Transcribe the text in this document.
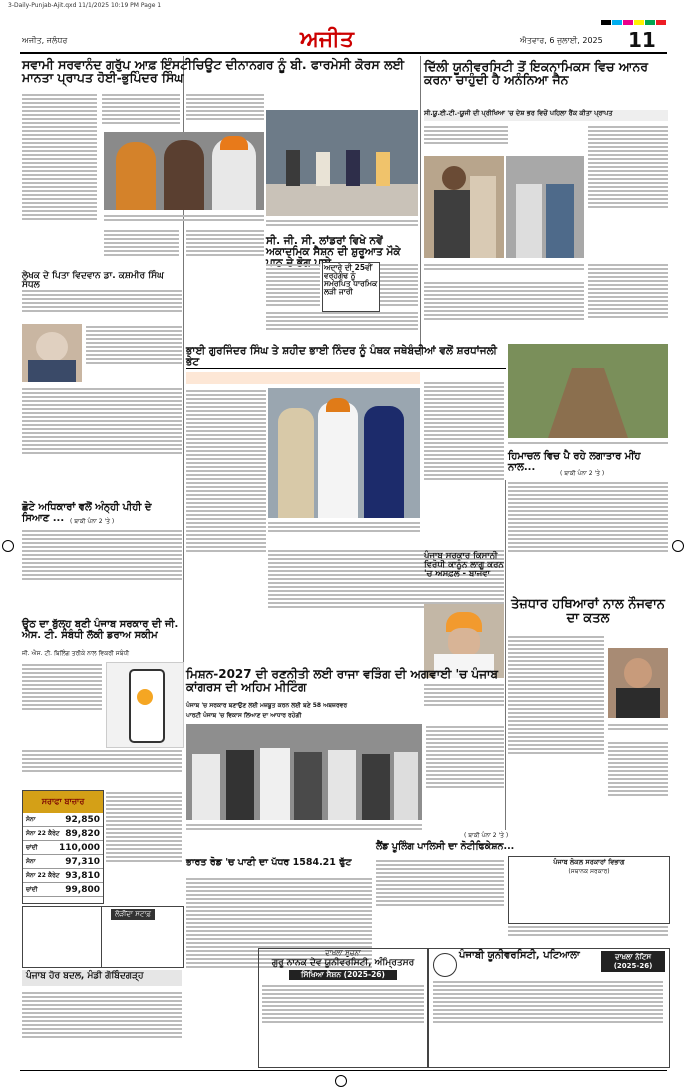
3-Daily-Punjab-Ajit.qxd 11/1/2025 10:19 PM Page 1
ਅਜੀਤ, ਜਲੰਧਰ	ਅਜੀਤ	ਐਤਵਾਰ, 6 ਜੁਲਾਈ, 2025 11
ਸਵਾਮੀ ਸਰਵਾਨੰਦ ਗਰੁੱਪ ਆਫ਼ ਇੰਸਟੀਚਿਊਟ ਦੀਨਾਨਗਰ ਨੂੰ ਬੀ. ਫਾਰਮੇਸੀ ਕੋਰਸ ਲਈ ਮਾਨਤਾ ਪ੍ਰਾਪਤ ਹੋਈ-ਭੁਪਿੰਦਰ ਸਿੰਘ
ਲੇਖਕ ਦੇ ਪਿਤਾ ਵਿਦਵਾਨ ਡਾ. ਕਸ਼ਮੀਰ ਸਿੰਘ ਸੰਧਲ
ਛੋਟੇ ਅਧਿਕਾਰਾਂ ਵਲੋਂ ਅੰਨ੍ਹੀ ਪੀਹੀ ਦੇ ਸਿਆਣ ... ( ਬਾਕੀ ਪੰਨਾ 2 'ਤੇ )
ਉਠ ਦਾ ਬੁੱਲ੍ਹ ਬਣੀ ਪੰਜਾਬ ਸਰਕਾਰ ਦੀ ਜੀ. ਐਸ. ਟੀ. ਸੰਬੰਧੀ ਲੱਕੀ ਡਰਾਅ ਸਕੀਮ
ਜੀ. ਐਸ. ਟੀ. ਬਿਲਿੰਗ ਤਰੀਕੇ ਨਾਲ ਵਿਕਰੀ ਸਬੰਧੀ
ਸਰਾਫਾ ਬਾਜ਼ਾਰ
ਸੋਨਾ	92,850
ਸੋਨਾ 22 ਕੈਰੇਟ 89,820
ਚਾਂਦੀ 110,000
ਸੋਨਾ	97,310
ਸੋਨਾ 22 ਕੈਰੇਟ 93,810
ਚਾਂਦੀ	99,800
ਲੋੜੀਂਦਾ ਸਟਾਫ਼
ਪੰਜਾਬ ਹੋਰ ਬਦਲ, ਮੰਡੀ ਗੋਬਿੰਦਗੜ੍ਹ
ਸੀ. ਜੀ. ਸੀ. ਲਾਂਡਰਾਂ ਵਿਖੇ ਨਵੇਂ ਅਕਾਦਮਿਕ ਸੈਸ਼ਨ ਦੀ ਸ਼ੁਰੂਆਤ ਮੌਕੇ
ਅਦਾਰੇ ਦੀ 25ਵੀਂ ਵਰ੍ਹੇਗੰਢ ਨੂੰ ਸਮਰਪਿਤ ਧਾਰਮਿਕ ਲੜੀ ਜਾਰੀ
ਦਿੱਲੀ ਯੂਨੀਵਰਸਿਟੀ ਤੋਂ ਇਕਨਾਮਿਕਸ ਵਿਚ ਆਨਰ ਕਰਨਾ ਚਾਹੁੰਦੀ ਹੈ ਅਨੰਨਿਆ ਜੈਨ
ਸੀ.ਯੂ.ਈ.ਟੀ.-ਯੂਜੀ ਦੀ ਪ੍ਰੀਖਿਆ 'ਚ ਦੇਸ਼ ਭਰ ਵਿਚੋਂ ਪਹਿਲਾ ਰੈਂਕ ਕੀਤਾ ਪ੍ਰਾਪਤ
ਭਾਈ ਗੁਰਜਿੰਦਰ ਸਿੰਘ ਤੇ ਸ਼ਹੀਦ ਭਾਈ ਨਿੰਦਰ ਨੂੰ ਪੰਥਕ ਜਥੇਬੰਦੀਆਂ ਵਲੋਂ ਸ਼ਰਧਾਂਜਲੀ ਭੇਟ
ਹਿਮਾਚਲ ਵਿਚ ਪੈ ਰਹੇ ਲਗਾਤਾਰ ਮੀਂਹ ਨਾਲ...
( ਬਾਕੀ ਪੰਨਾ 2 'ਤੇ )
ਪੰਜਾਬ ਸਰਕਾਰ ਕਿਸਾਨੀ ਵਿਰੋਧੀ ਕਾਨੂੰਨ ਲਾਗੂ ਕਰਨ 'ਚ ਅਸਫ਼ਲ - ਬਾਜਵਾ
ਤੇਜ਼ਧਾਰ ਹਥਿਆਰਾਂ ਨਾਲ ਨੌਜਵਾਨ ਦਾ ਕਤਲ
ਮਿਸ਼ਨ-2027 ਦੀ ਰਣਨੀਤੀ ਲਈ ਰਾਜਾ ਵੜਿੰਗ ਦੀ ਅਗਵਾਈ 'ਚ ਪੰਜਾਬ ਕਾਂਗਰਸ ਦੀ ਅਹਿਮ ਮੀਟਿੰਗ
ਪੰਜਾਬ 'ਚ ਸਰਕਾਰ ਬਣਾਉਣ ਲਈ ਮਜ਼ਬੂਤ ਕਰਨ ਲਈ ਬਣੇ 58 ਅਬਜ਼ਰਵਰ
ਪਾਰਟੀ ਪੰਜਾਬ 'ਚ ਵਿਕਾਸ ਲਿਆਣ ਦਾ ਆਧਾਰ ਰਹੇਗੀ
ਲੈਂਡ ਪੂਲਿੰਗ ਪਾਲਿਸੀ ਦਾ ਨੋਟੀਫਿਕੇਸ਼ਨ...
( ਬਾਕੀ ਪੰਨਾ 2 'ਤੇ )
ਭਾਰਤ ਰੋਡ 'ਚ ਪਾਣੀ ਦਾ ਪੱਧਰ 1584.21 ਫੁੱਟ	ਪੰਜਾਬ ਲੋਕਲ ਸਰਕਾਰਾਂ ਵਿਭਾਗ
(ਸਥਾਨਕ ਸਰਕਾਰ)
ਦਾਖ਼ਲਾ ਸੂਚਨਾ
ਗੁਰੂ ਨਾਨਕ ਦੇਵ ਯੂਨੀਵਰਸਿਟੀ, ਅੰਮ੍ਰਿਤਸਰ
ਸਿੱਖਿਆ ਸੈਸ਼ਨ (2025-26)
ਪੰਜਾਬੀ ਯੂਨੀਵਰਸਿਟੀ, ਪਟਿਆਲਾ	ਦਾਖ਼ਲਾ ਨੋਟਿਸ (2025-26)
